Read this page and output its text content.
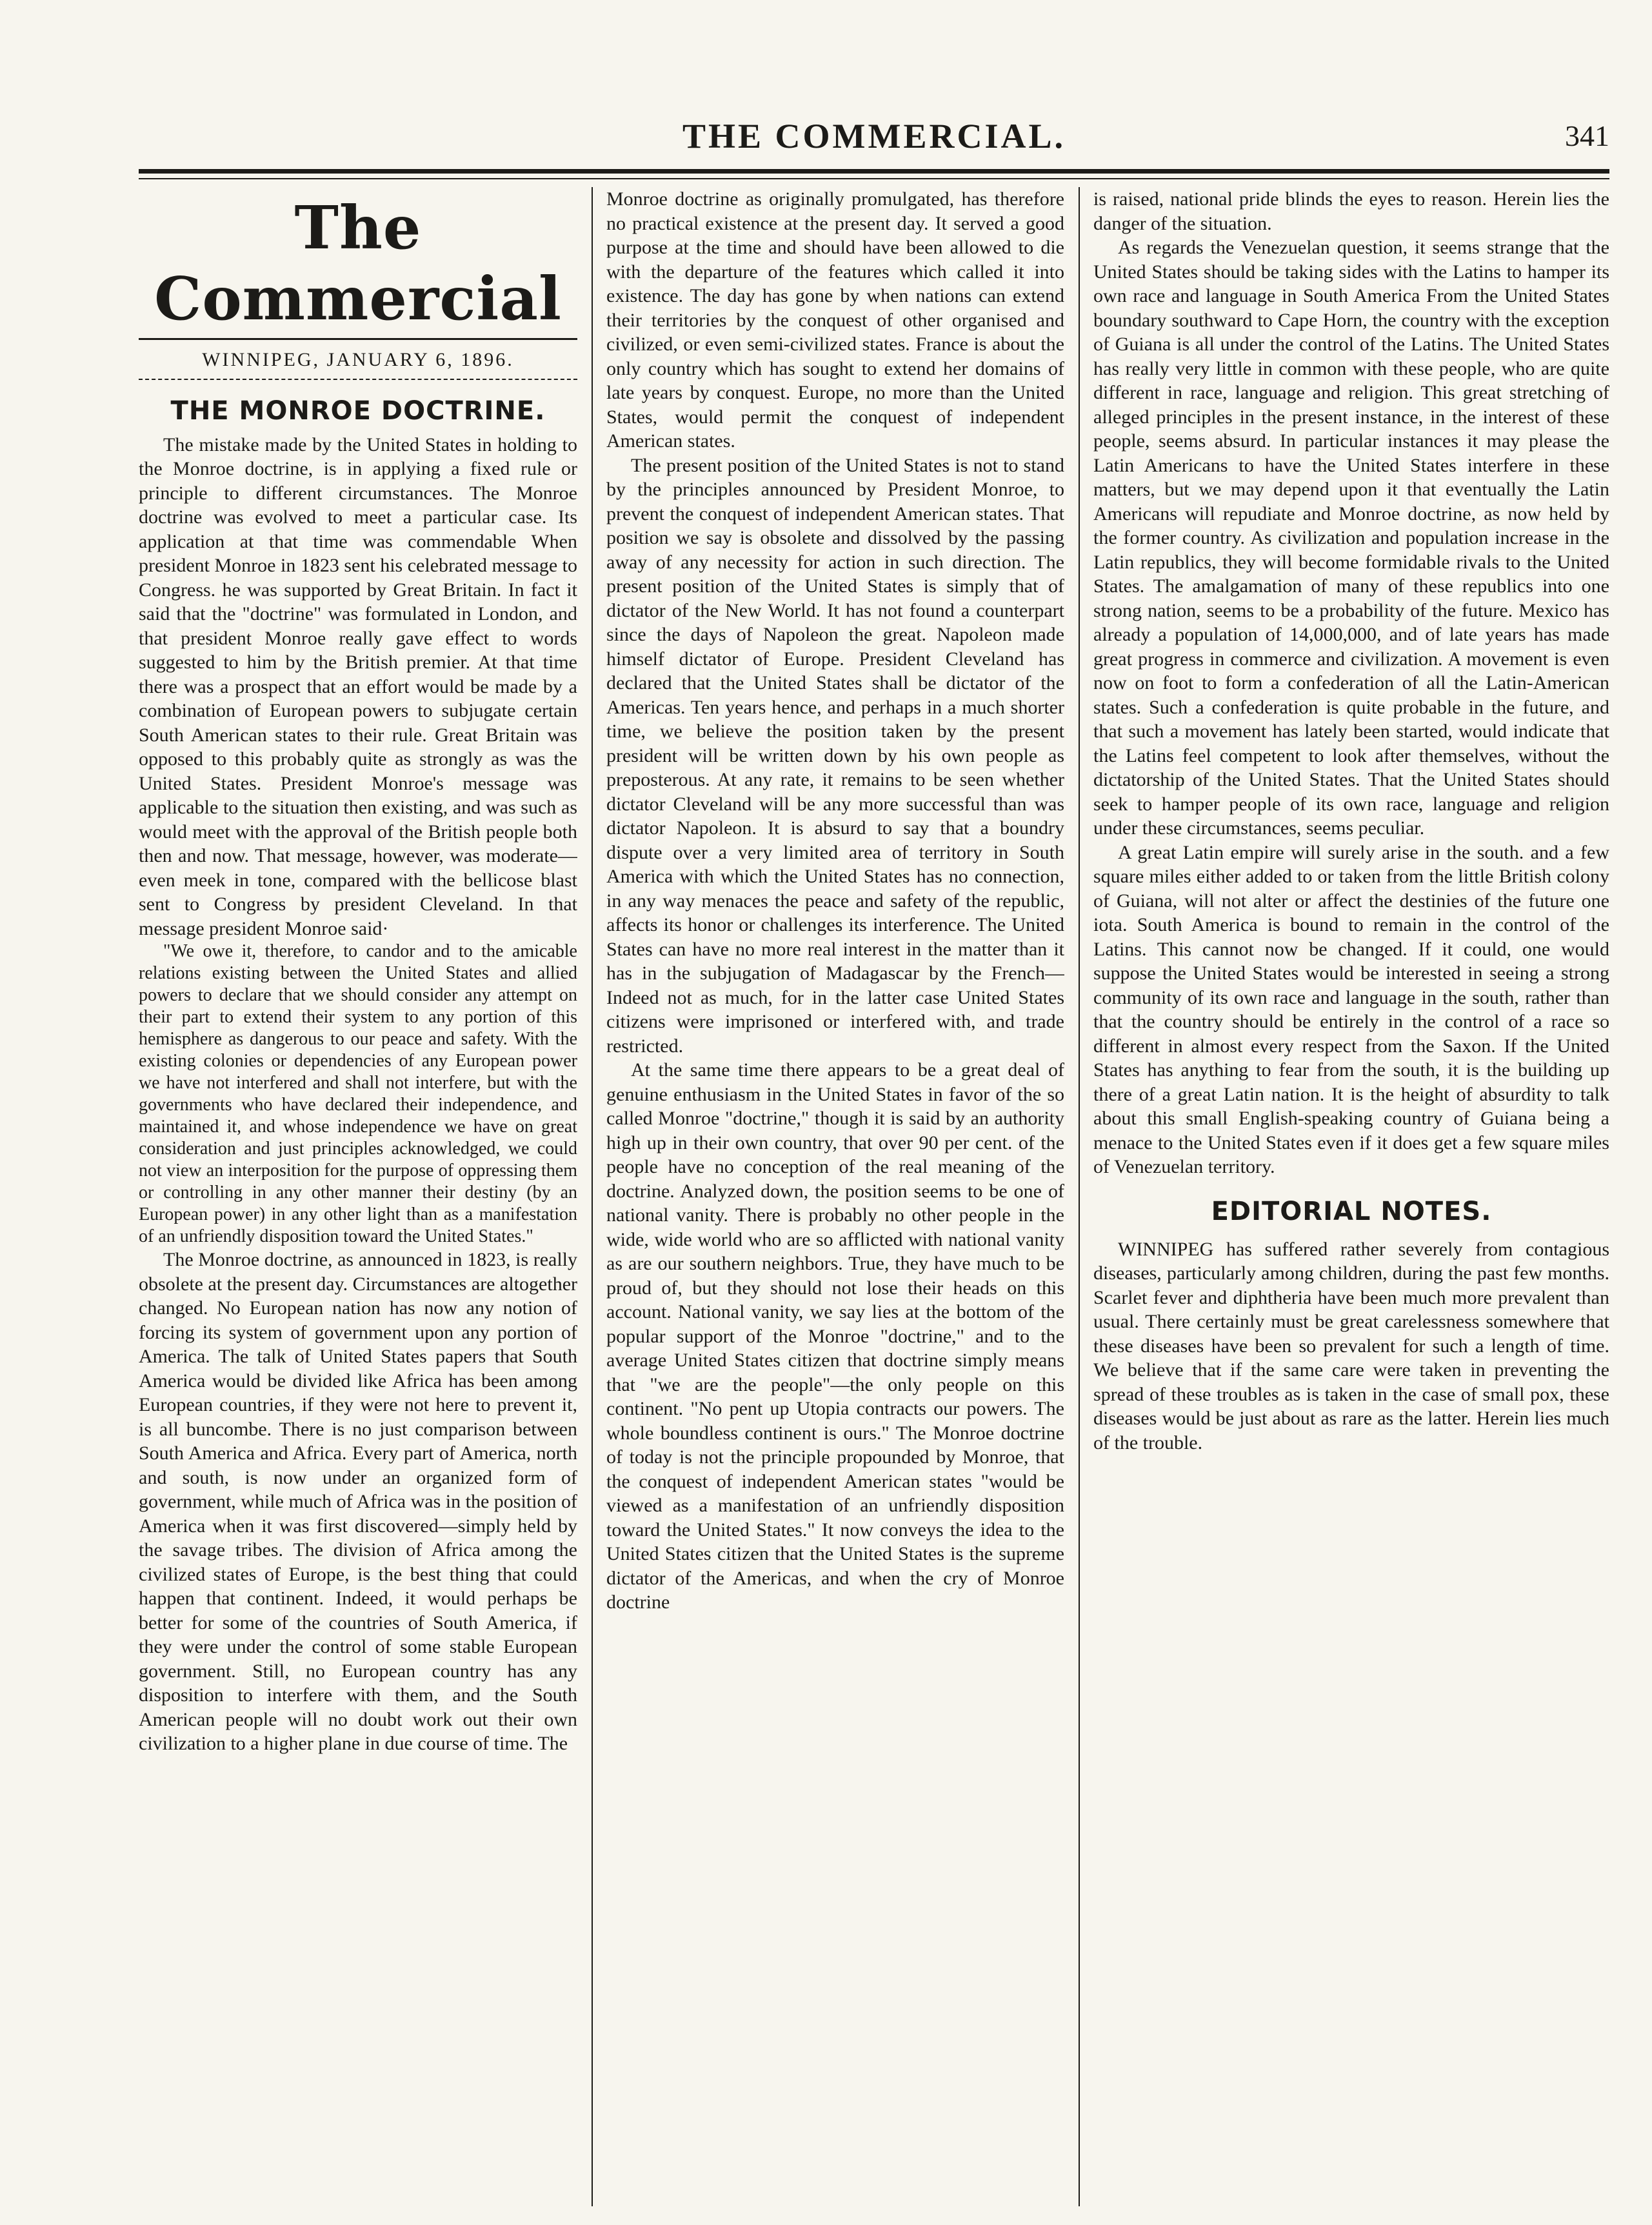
THE COMMERCIAL.	341
The Commercial
WINNIPEG, JANUARY 6, 1896.
THE MONROE DOCTRINE.

The mistake made by the United States in holding to the Monroe doctrine, is in applying a fixed rule or principle to different circumstances. The Monroe doctrine was evolved to meet a particular case. Its application at that time was commendable When president Monroe in 1823 sent his celebrated message to Congress. he was supported by Great Britain. In fact it said that the "doctrine" was formulated in London, and that president Monroe really gave effect to words suggested to him by the British premier. At that time there was a prospect that an effort would be made by a combination of European powers to subjugate certain South American states to their rule. Great Britain was opposed to this probably quite as strongly as was the United States. President Monroe's message was applicable to the situation then existing, and was such as would meet with the approval of the British people both then and now. That message, however, was moderate—even meek in tone, compared with the bellicose blast sent to Congress by president Cleveland. In that message president Monroe said·

"We owe it, therefore, to candor and to the amicable relations existing between the United States and allied powers to declare that we should consider any attempt on their part to extend their system to any portion of this hemisphere as dangerous to our peace and safety. With the existing colonies or dependencies of any European power we have not interfered and shall not interfere, but with the governments who have declared their independence, and maintained it, and whose independence we have on great consideration and just principles acknowledged, we could not view an interposition for the purpose of oppressing them or controlling in any other manner their destiny (by an European power) in any other light than as a manifestation of an unfriendly disposition toward the United States."

The Monroe doctrine, as announced in 1823, is really obsolete at the present day. Circumstances are altogether changed. No European nation has now any notion of forcing its system of government upon any portion of America. The talk of United States papers that South America would be divided like Africa has been among European countries, if they were not here to prevent it, is all buncombe. There is no just comparison between South America and Africa. Every part of America, north and south, is now under an organized form of government, while much of Africa was in the position of America when it was first discovered—simply held by the savage tribes. The division of Africa among the civilized states of Europe, is the best thing that could happen that continent. Indeed, it would perhaps be better for some of the countries of South America, if they were under the control of some stable European government. Still, no European country has any disposition to interfere with them, and the South American people will no doubt work out their own civilization to a higher plane in due course of time. The

Monroe doctrine as originally promulgated, has therefore no practical existence at the present day. It served a good purpose at the time and should have been allowed to die with the departure of the features which called it into existence. The day has gone by when nations can extend their territories by the conquest of other organised and civilized, or even semi-civilized states. France is about the only country which has sought to extend her domains of late years by conquest. Europe, no more than the United States, would permit the conquest of independent American states.

The present position of the United States is not to stand by the principles announced by President Monroe, to prevent the conquest of independent American states. That position we say is obsolete and dissolved by the passing away of any necessity for action in such direction. The present position of the United States is simply that of dictator of the New World. It has not found a counterpart since the days of Napoleon the great. Napoleon made himself dictator of Europe. President Cleveland has declared that the United States shall be dictator of the Americas. Ten years hence, and perhaps in a much shorter time, we believe the position taken by the present president will be written down by his own people as preposterous. At any rate, it remains to be seen whether dictator Cleveland will be any more successful than was dictator Napoleon. It is absurd to say that a boundry dispute over a very limited area of territory in South America with which the United States has no connection, in any way menaces the peace and safety of the republic, affects its honor or challenges its interference. The United States can have no more real interest in the matter than it has in the subjugation of Madagascar by the French—Indeed not as much, for in the latter case United States citizens were imprisoned or interfered with, and trade restricted.

At the same time there appears to be a great deal of genuine enthusiasm in the United States in favor of the so called Monroe "doctrine," though it is said by an authority high up in their own country, that over 90 per cent. of the people have no conception of the real meaning of the doctrine. Analyzed down, the position seems to be one of national vanity. There is probably no other people in the wide, wide world who are so afflicted with national vanity as are our southern neighbors. True, they have much to be proud of, but they should not lose their heads on this account. National vanity, we say lies at the bottom of the popular support of the Monroe "doctrine," and to the average United States citizen that doctrine simply means that "we are the people"—the only people on this continent. "No pent up Utopia contracts our powers. The whole boundless continent is ours." The Monroe doctrine of today is not the principle propounded by Monroe, that the conquest of independent American states "would be viewed as a manifestation of an unfriendly disposition toward the United States." It now conveys the idea to the United States citizen that the United States is the supreme dictator of the Americas, and when the cry of Monroe doctrine

is raised, national pride blinds the eyes to reason. Herein lies the danger of the situation.

As regards the Venezuelan question, it seems strange that the United States should be taking sides with the Latins to hamper its own race and language in South America From the United States boundary southward to Cape Horn, the country with the exception of Guiana is all under the control of the Latins. The United States has really very little in common with these people, who are quite different in race, language and religion. This great stretching of alleged principles in the present instance, in the interest of these people, seems absurd. In particular instances it may please the Latin Americans to have the United States interfere in these matters, but we may depend upon it that eventually the Latin Americans will repudiate and Monroe doctrine, as now held by the former country. As civilization and population increase in the Latin republics, they will become formidable rivals to the United States. The amalgamation of many of these republics into one strong nation, seems to be a probability of the future. Mexico has already a population of 14,000,000, and of late years has made great progress in commerce and civilization. A movement is even now on foot to form a confederation of all the Latin-American states. Such a confederation is quite probable in the future, and that such a movement has lately been started, would indicate that the Latins feel competent to look after themselves, without the dictatorship of the United States. That the United States should seek to hamper people of its own race, language and religion under these circumstances, seems peculiar.

A great Latin empire will surely arise in the south. and a few square miles either added to or taken from the little British colony of Guiana, will not alter or affect the destinies of the future one iota. South America is bound to remain in the control of the Latins. This cannot now be changed. If it could, one would suppose the United States would be interested in seeing a strong community of its own race and language in the south, rather than that the country should be entirely in the control of a race so different in almost every respect from the Saxon. If the United States has anything to fear from the south, it is the building up there of a great Latin nation. It is the height of absurdity to talk about this small English-speaking country of Guiana being a menace to the United States even if it does get a few square miles of Venezuelan territory.

EDITORIAL NOTES.

WINNIPEG has suffered rather severely from contagious diseases, particularly among children, during the past few months. Scarlet fever and diphtheria have been much more prevalent than usual. There certainly must be great carelessness somewhere that these diseases have been so prevalent for such a length of time. We believe that if the same care were taken in preventing the spread of these troubles as is taken in the case of small pox, these diseases would be just about as rare as the latter. Herein lies much of the trouble.
